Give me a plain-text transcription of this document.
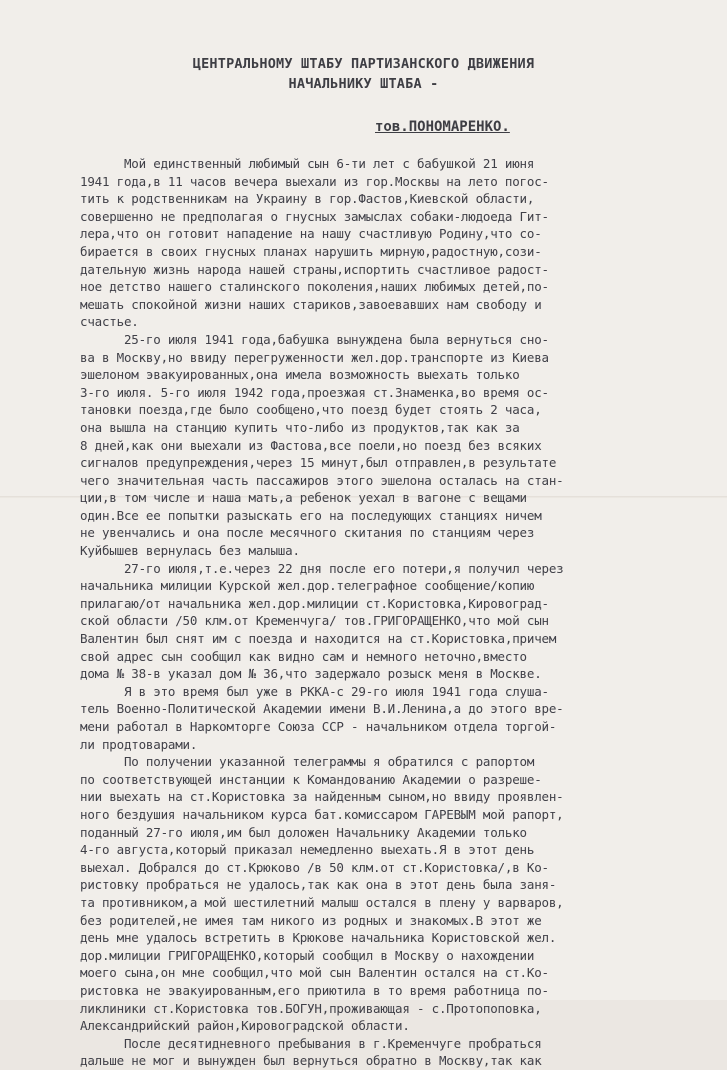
ЦЕНТРАЛЬНОМУ ШТАБУ ПАРТИЗАНСКОГО ДВИЖЕНИЯ
НАЧАЛЬНИКУ ШТАБА -
тов.ПОНОМАРЕНКО.
Мой единственный любимый сын 6-ти лет с бабушкой 21 июня
1941 года,в 11 часов вечера выехали из гор.Москвы на лето погос-
тить к родственникам на Украину в гор.Фастов,Киевской области,
совершенно не предполагая о гнусных замыслах собаки-людоеда Гит-
лера,что он готовит нападение на нашу счастливую Родину,что со-
бирается в своих гнусных планах нарушить мирную,радостную,сози-
дательную жизнь народа нашей страны,испортить счастливое радост-
ное детство нашего сталинского поколения,наших любимых детей,по-
мешать спокойной жизни наших стариков,завоевавших нам свободу и
счастье.
25-го июля 1941 года,бабушка вынуждена была вернуться сно-
ва в Москву,но ввиду перегруженности жел.дор.транспорте из Киева
эшелоном эвакуированных,она имела возможность выехать только
3-го июля. 5-го июля 1942 года,проезжая ст.Знаменка,во время ос-
тановки поезда,где было сообщено,что поезд будет стоять 2 часа,
она вышла на станцию купить что-либо из продуктов,так как за
8 дней,как они выехали из Фастова,все поели,но поезд без всяких
сигналов предупреждения,через 15 минут,был отправлен,в результате
чего значительная часть пассажиров этого эшелона осталась на стан-
ции,в том числе и наша мать,а ребенок уехал в вагоне с вещами
один.Все ее попытки разыскать его на последующих станциях ничем
не увенчались и она после месячного скитания по станциям через
Куйбышев вернулась без малыша.
27-го июля,т.е.через 22 дня после его потери,я получил через
начальника милиции Курской жел.дор.телеграфное сообщение/копию
прилагаю/от начальника жел.дор.милиции ст.Користовка,Кировоград-
ской области /50 клм.от Кременчуга/ тов.ГРИГОРАЩЕНКО,что мой сын
Валентин был снят им с поезда и находится на ст.Користовка,причем
свой адрес сын сообщил как видно сам и немного неточно,вместо
дома № 38-в указал дом № 36,что задержало розыск меня в Москве.
Я в это время был уже в РККА-с 29-го июля 1941 года слуша-
тель Военно-Политической Академии имени В.И.Ленина,а до этого вре-
мени работал в Наркомторге Союза ССР - начальником отдела торгой-
ли продтоварами.
По получении указанной телеграммы я обратился с рапортом
по соответствующей инстанции к Командованию Академии о разреше-
нии выехать на ст.Користовка за найденным сыном,но ввиду проявлен-
ного бездушия начальником курса бат.комиссаром ГАРЕВЫМ мой рапорт,
поданный 27-го июля,им был доложен Начальнику Академии только
4-го августа,который приказал немедленно выехать.Я в этот день
выехал. Добрался до ст.Крюково /в 50 клм.от ст.Користовка/,в Ко-
ристовку пробраться не удалось,так как она в этот день была заня-
та противником,а мой шестилетний малыш остался в плену у варваров,
без родителей,не имея там никого из родных и знакомых.В этот же
день мне удалось встретить в Крюкове начальника Користовской жел.
дор.милиции ГРИГОРАЩЕНКО,который сообщил в Москву о нахождении
моего сына,он мне сообщил,что мой сын Валентин остался на ст.Ко-
ристовка не эвакуированным,его приютила в то время работница по-
ликлиники ст.Користовка тов.БОГУН,проживающая - с.Протопоповка,
Александрийский район,Кировоградской области.
После десятидневного пребывания в г.Кременчуге пробраться
дальше не мог и вынужден был вернуться обратно в Москву,так как
